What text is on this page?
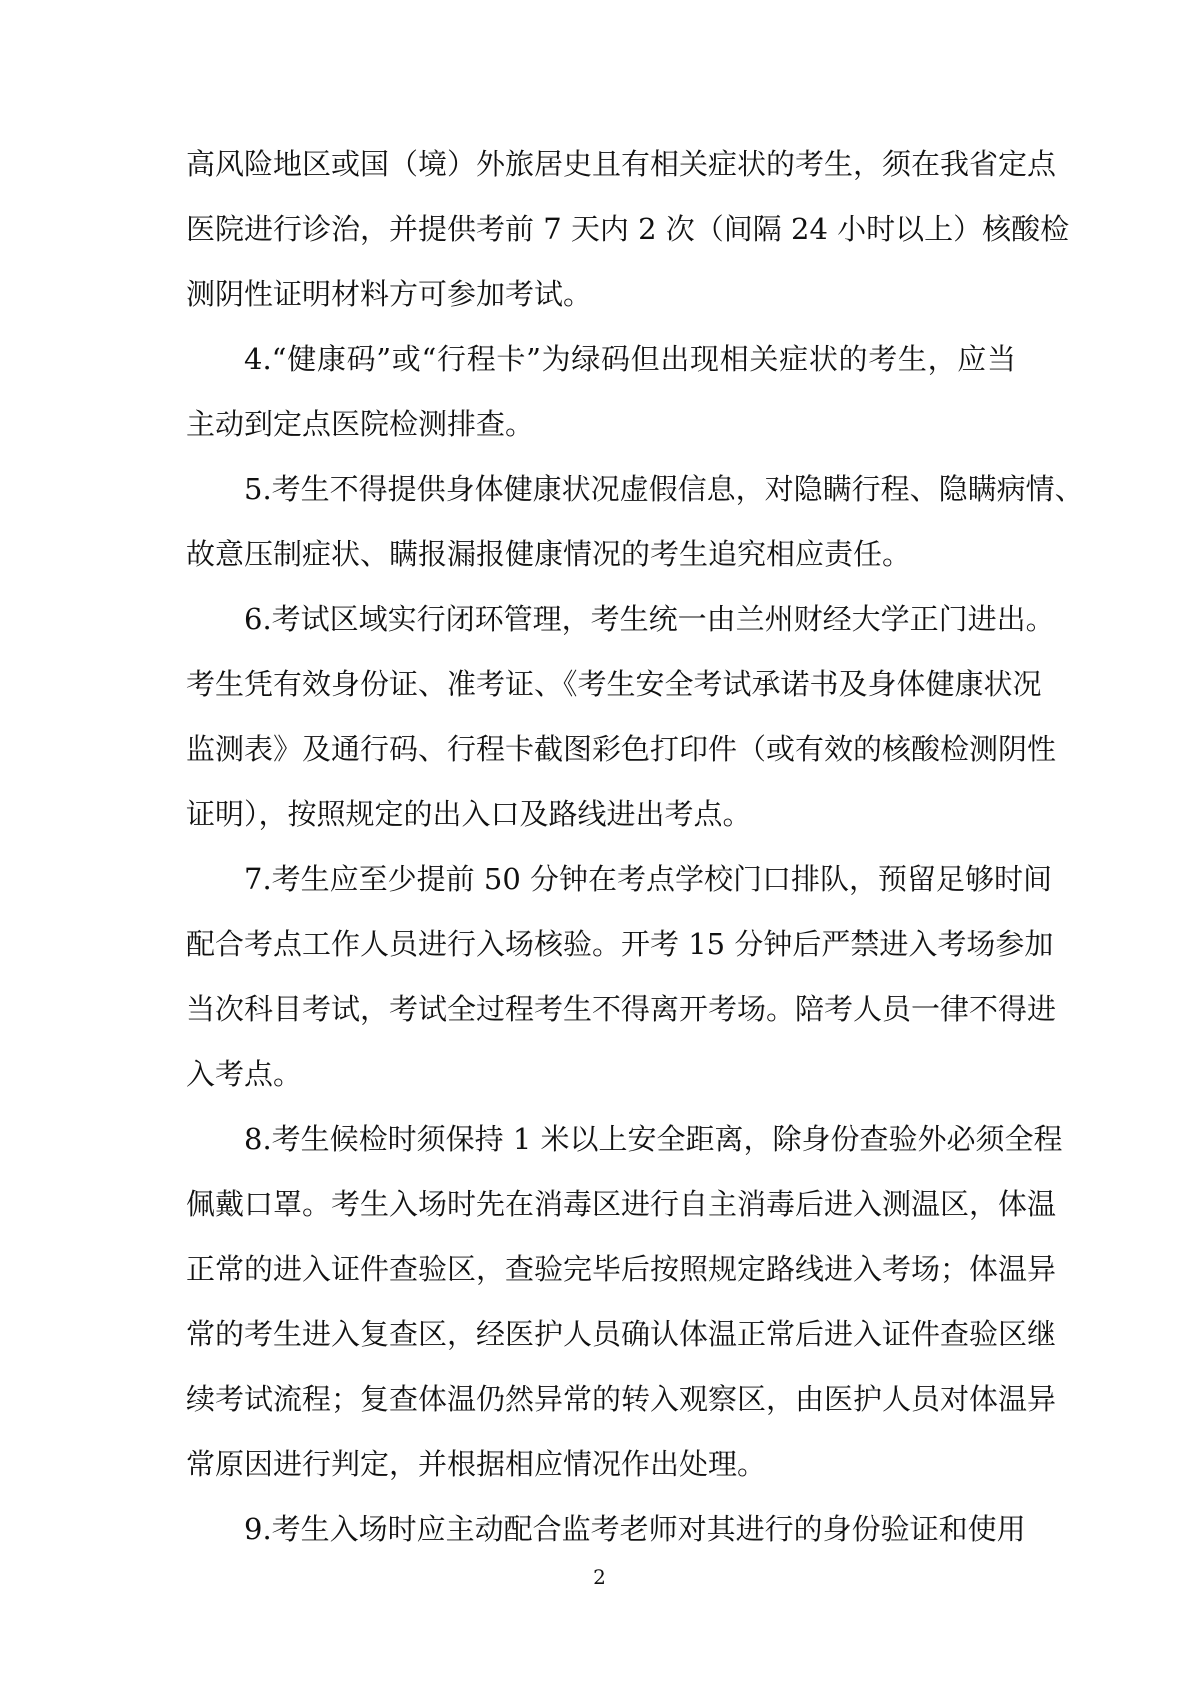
高风险地区或国（境）外旅居史且有相关症状的考生，须在我省定点
医院进行诊治，并提供考前 7 天内 2 次（间隔 24 小时以上）核酸检
测阴性证明材料方可参加考试。
4.“健康码”或“行程卡”为绿码但出现相关症状的考生，应当
主动到定点医院检测排查。
5.考生不得提供身体健康状况虚假信息，对隐瞒行程、隐瞒病情、
故意压制症状、瞒报漏报健康情况的考生追究相应责任。
6.考试区域实行闭环管理，考生统一由兰州财经大学正门进出。
考生凭有效身份证、准考证、《考生安全考试承诺书及身体健康状况
监测表》及通行码、行程卡截图彩色打印件（或有效的核酸检测阴性
证明），按照规定的出入口及路线进出考点。
7.考生应至少提前 50 分钟在考点学校门口排队，预留足够时间
配合考点工作人员进行入场核验。开考 15 分钟后严禁进入考场参加
当次科目考试，考试全过程考生不得离开考场。陪考人员一律不得进
入考点。
8.考生候检时须保持 1 米以上安全距离，除身份查验外必须全程
佩戴口罩。考生入场时先在消毒区进行自主消毒后进入测温区，体温
正常的进入证件查验区，查验完毕后按照规定路线进入考场；体温异
常的考生进入复查区，经医护人员确认体温正常后进入证件查验区继
续考试流程；复查体温仍然异常的转入观察区，由医护人员对体温异
常原因进行判定，并根据相应情况作出处理。
9.考生入场时应主动配合监考老师对其进行的身份验证和使用
2
